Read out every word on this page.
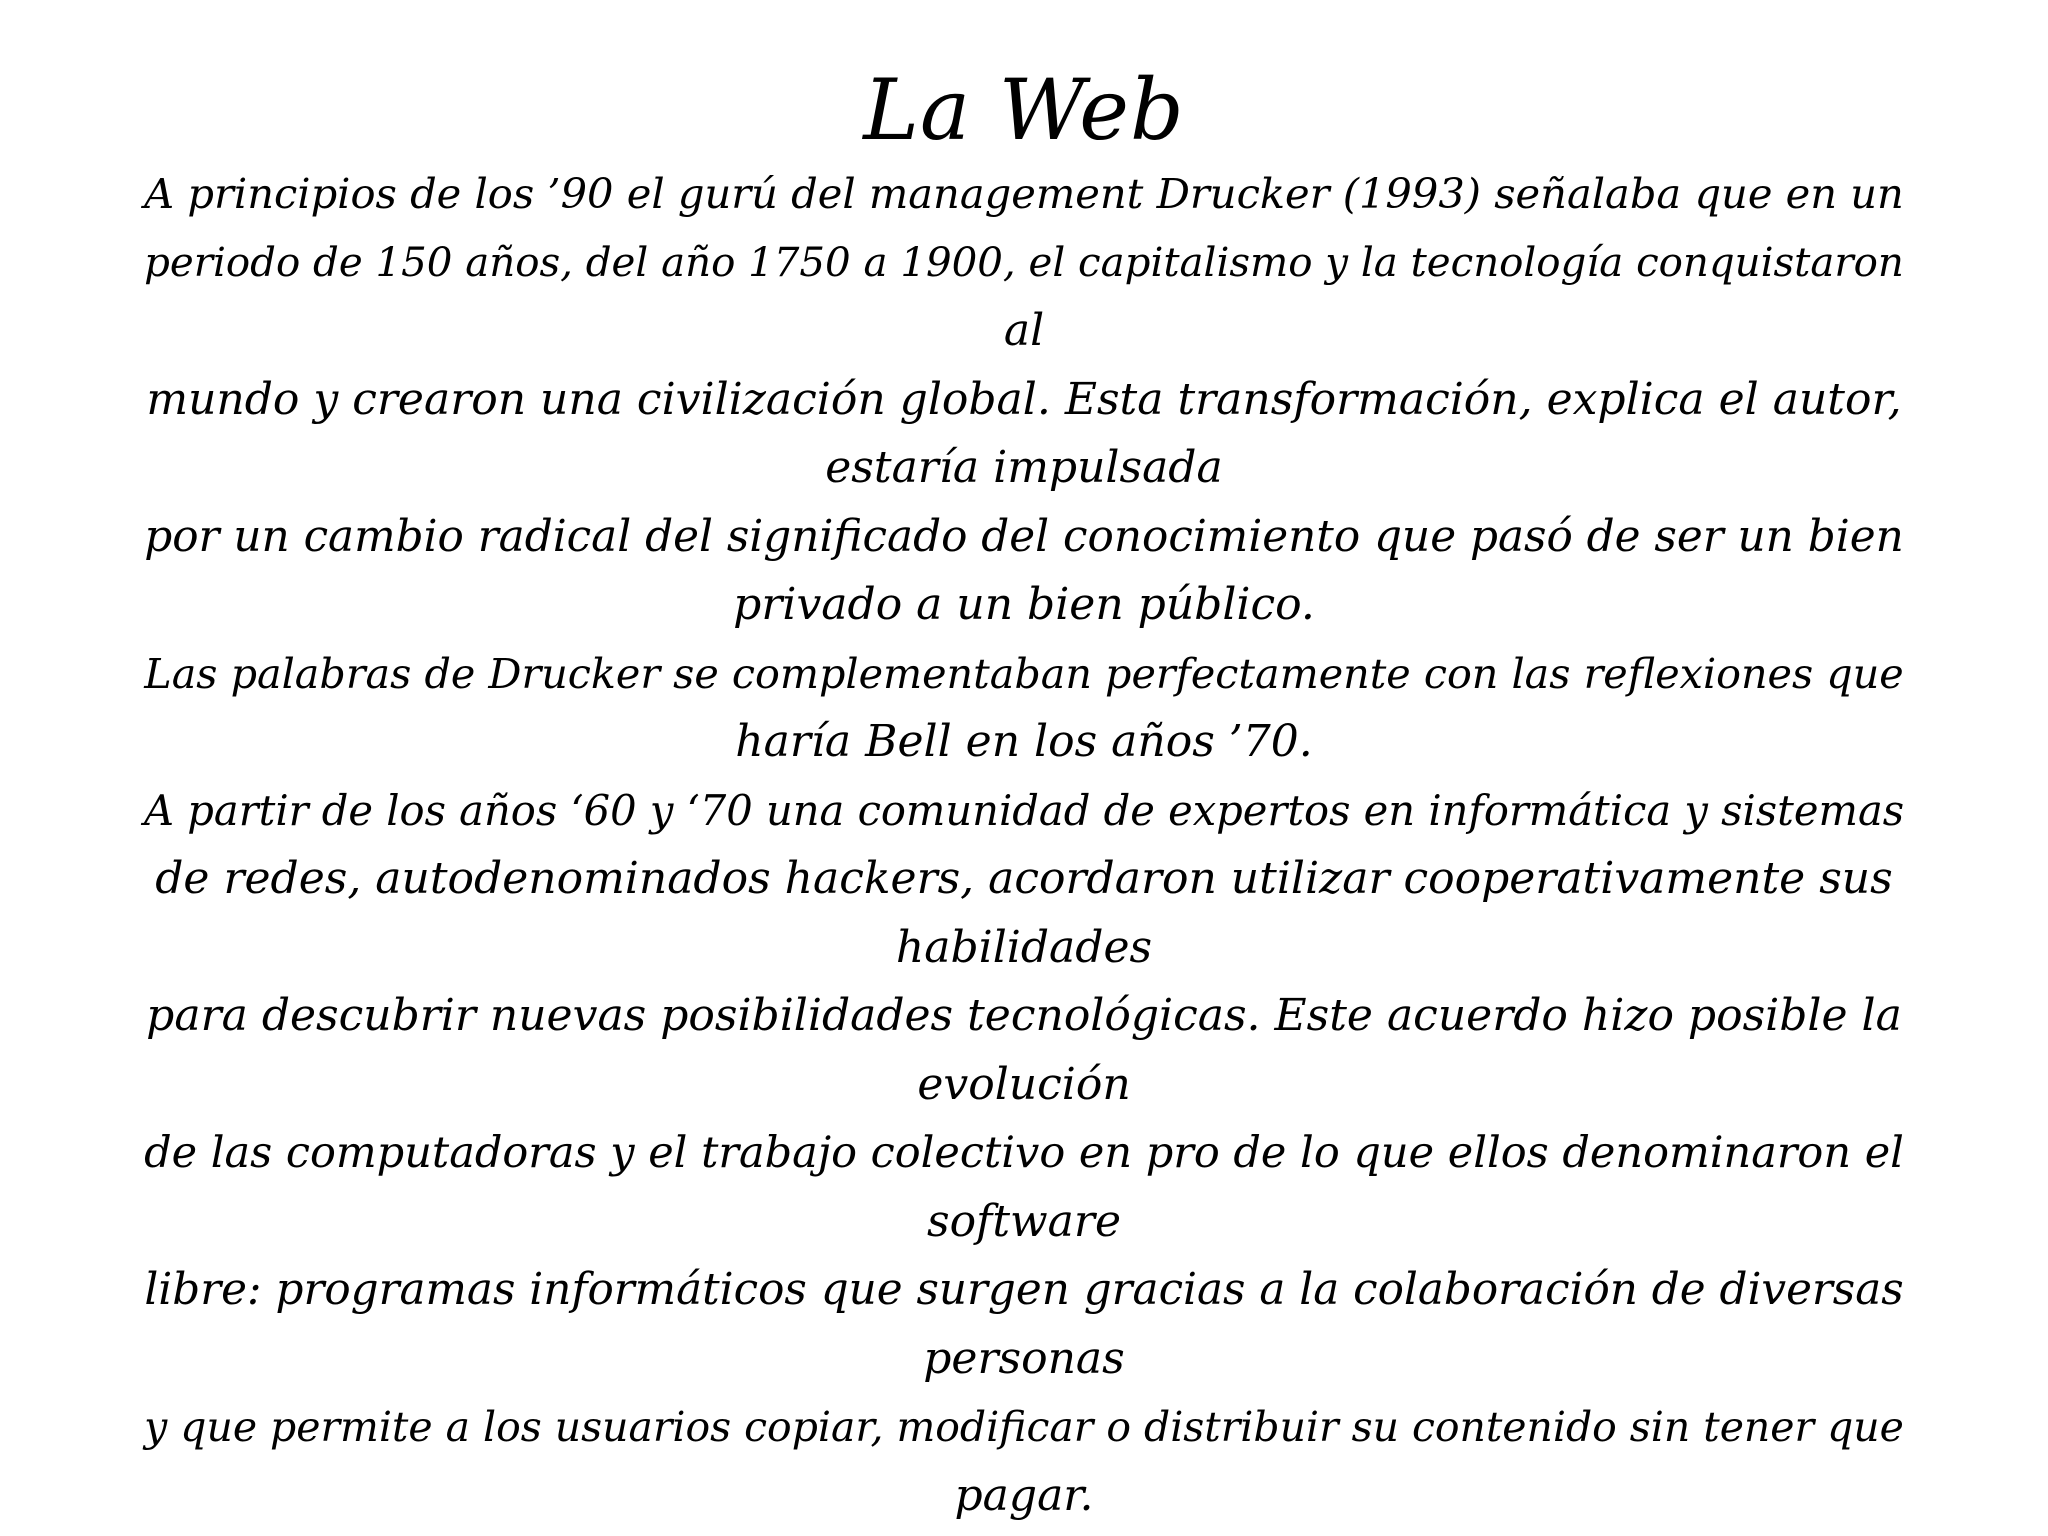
La Web
A principios de los ’90 el gurú del management Drucker (1993) señalaba que en un
periodo de 150 años, del año 1750 a 1900, el capitalismo y la tecnología conquistaron
al
mundo y crearon una civilización global. Esta transformación, explica el autor,
estaría impulsada
por un cambio radical del significado del conocimiento que pasó de ser un bien
privado a un bien público.
Las palabras de Drucker se complementaban perfectamente con las reflexiones que
haría Bell en los años ’70.
A partir de los años ‘60 y ‘70 una comunidad de expertos en informática y sistemas
de redes, autodenominados hackers, acordaron utilizar cooperativamente sus
habilidades
para descubrir nuevas posibilidades tecnológicas. Este acuerdo hizo posible la
evolución
de las computadoras y el trabajo colectivo en pro de lo que ellos denominaron el
software
libre: programas informáticos que surgen gracias a la colaboración de diversas
personas
y que permite a los usuarios copiar, modificar o distribuir su contenido sin tener que
pagar.
